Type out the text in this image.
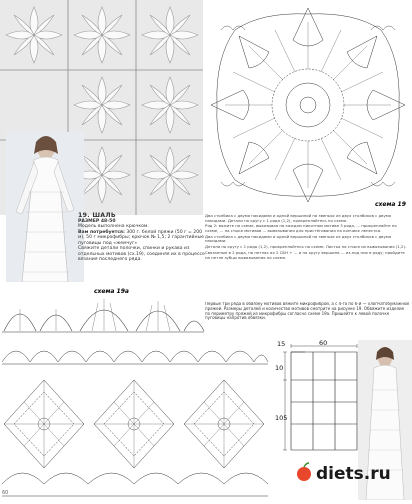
19. ШАЛЬ
РАЗМЕР 48-50
Модель выполнена крючком.
Вам потребуется: 300 г. белой пряжи (50 г = 200 м), 50 г микрофибры; крючок № 1,5; 2 гарантийные пуговицы под «жемчуг»
Свяжите детали полочки, спинки и рукава из отдельных мотивов (сх.19), соединяя их в процессе вязания последнего ряда.
схема 19

Два столбика с двумя накидами и одной вершиной на звеньях из двух столбиков с двумя накидами. Детали по кругу с 1 ряда (1,2), прикрепляйтесь по схеме.

Ряд 2: вяжите по схеме, вывязывая на каждом пикотном мотиве 3 ряда, ... прикрепляйте по схеме, ... на стыке мотивов ... вывязывания для пристёгивания на кончике лепестка.

Два столбика с двумя накидами и одной вершиной на звеньях из двух столбиков с двумя накидами.

Детали по кругу с 1 ряда (1,2), прикрепляйтесь по схеме. Листья на стыке их вывязывания (1,2).

Связанные в 2 ряда, на петлях их 2 СБН + ... и по кругу вершина ... из-под них в ряду; пройдите на петле зубцы вывязывания по схеме.

схема 19а

Первые три ряда в обвязку мотивов вяжите микрофиброй, а с 4-го по 6-й — хлопчатобумажной пряжей. Размеры деталей и количество мотивов смотрите на рисунке 19. Обвяжите изделие по периметру пряжей из микрофибры согласно схеме 19а. Пришейте к левой полочке пуговицы напротив обвязки.

15	60
10
105
diets.ru
60
